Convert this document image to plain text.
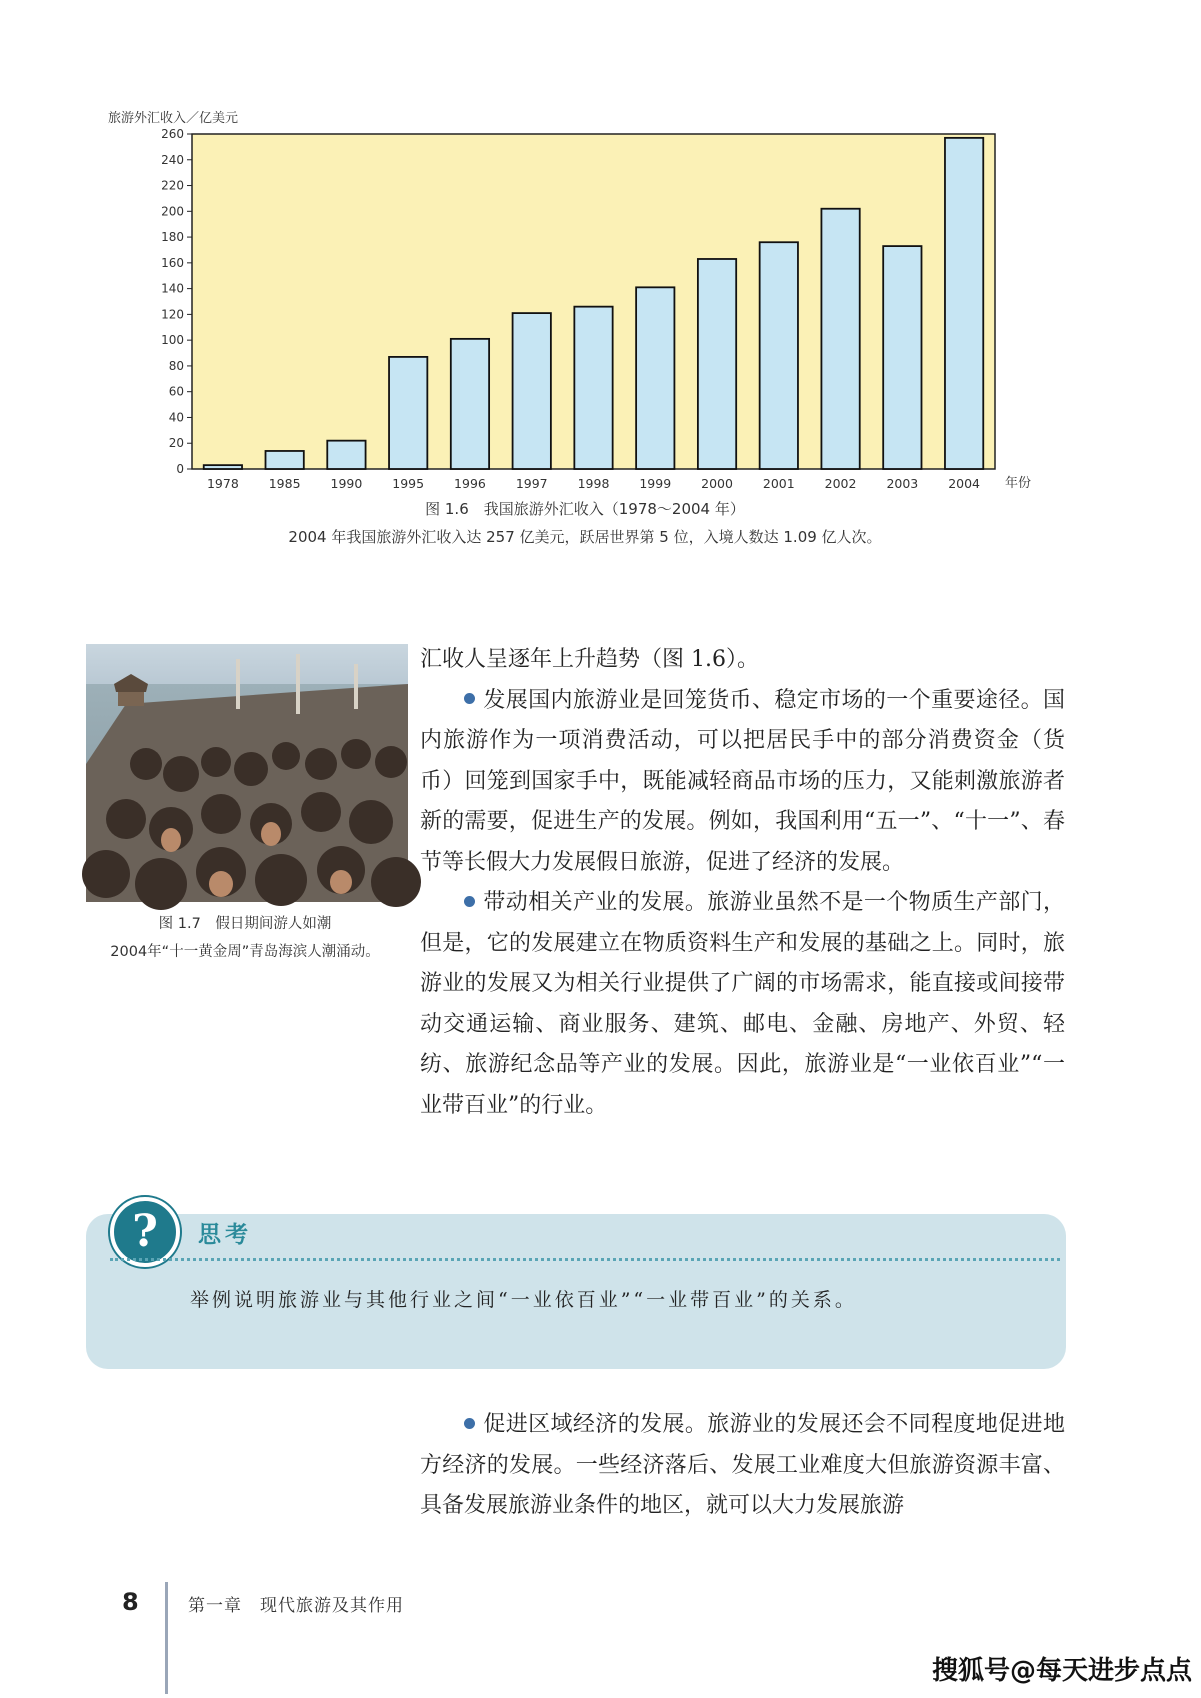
0
20
40
60
80
100
120
140
160
180
200
220
240
260
旅游外汇收入／亿美元
1978 1985 1990 1995 1996 1997 1998 1999 2000 2001 2002 2003 2004 年份
图 1.6　我国旅游外汇收入（1978～2004 年）
2004 年我国旅游外汇收入达 257 亿美元，跃居世界第 5 位，入境人数达 1.09 亿人次。
图 1.7　假日期间游人如潮
2004年“十一黄金周”青岛海滨人潮涌动。

汇收人呈逐年上升趋势（图 1.6）。

发展国内旅游业是回笼货币、稳定市场的一个重要途径。国内旅游作为一项消费活动，可以把居民手中的部分消费资金（货币）回笼到国家手中，既能减轻商品市场的压力，又能刺激旅游者新的需要，促进生产的发展。例如，我国利用“五一”、“十一”、春节等长假大力发展假日旅游，促进了经济的发展。

带动相关产业的发展。旅游业虽然不是一个物质生产部门，但是，它的发展建立在物质资料生产和发展的基础之上。同时，旅游业的发展又为相关行业提供了广阔的市场需求，能直接或间接带动交通运输、商业服务、建筑、邮电、金融、房地产、外贸、轻纺、旅游纪念品等产业的发展。因此，旅游业是“一业依百业”“一业带百业”的行业。

?	思考
举例说明旅游业与其他行业之间“一业依百业”“一业带百业”的关系。

促进区域经济的发展。旅游业的发展还会不同程度地促进地方经济的发展。一些经济落后、发展工业难度大但旅游资源丰富、具备发展旅游业条件的地区，就可以大力发展旅游

8	第一章　现代旅游及其作用
搜狐号@每天进步点点
